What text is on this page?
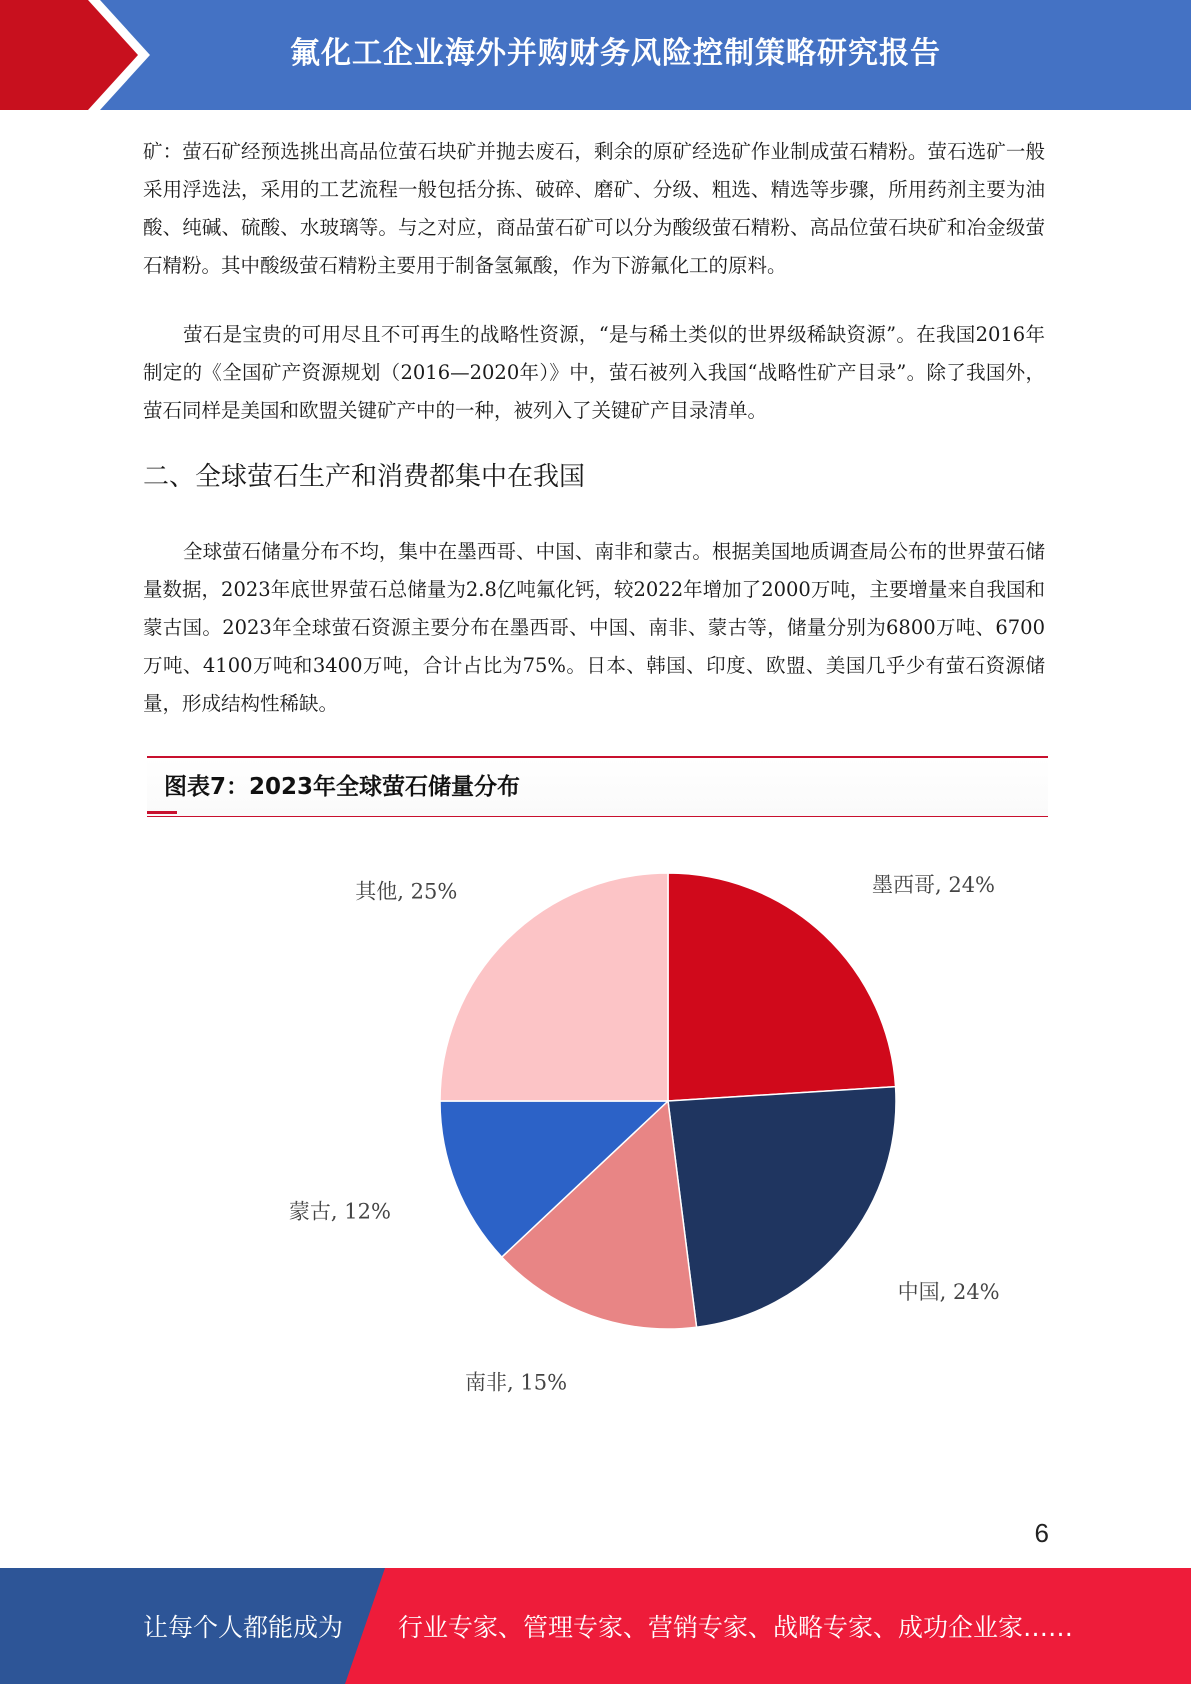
氟化工企业海外并购财务风险控制策略研究报告

矿：萤石矿经预选挑出高品位萤石块矿并抛去废石，剩余的原矿经选矿作业制成萤石精粉。萤石选矿一般采用浮选法，采用的工艺流程一般包括分拣、破碎、磨矿、分级、粗选、精选等步骤，所用药剂主要为油酸、纯碱、硫酸、水玻璃等。与之对应，商品萤石矿可以分为酸级萤石精粉、高品位萤石块矿和冶金级萤石精粉。其中酸级萤石精粉主要用于制备氢氟酸，作为下游氟化工的原料。

萤石是宝贵的可用尽且不可再生的战略性资源，“是与稀土类似的世界级稀缺资源”。在我国2016年制定的《全国矿产资源规划（2016—2020年）》中，萤石被列入我国“战略性矿产目录”。除了我国外，萤石同样是美国和欧盟关键矿产中的一种，被列入了关键矿产目录清单。

二、全球萤石生产和消费都集中在我国

全球萤石储量分布不均，集中在墨西哥、中国、南非和蒙古。根据美国地质调查局公布的世界萤石储量数据，2023年底世界萤石总储量为2.8亿吨氟化钙，较2022年增加了2000万吨，主要增量来自我国和蒙古国。2023年全球萤石资源主要分布在墨西哥、中国、南非、蒙古等，储量分别为6800万吨、6700万吨、4100万吨和3400万吨，合计占比为75%。日本、韩国、印度、欧盟、美国几乎少有萤石资源储量，形成结构性稀缺。

图表7：2023年全球萤石储量分布
墨西哥, 24%
中国, 24%
南非, 15%
蒙古, 12%
其他, 25%
6
让每个人都能成为 行业专家、管理专家、营销专家、战略专家、成功企业家……
